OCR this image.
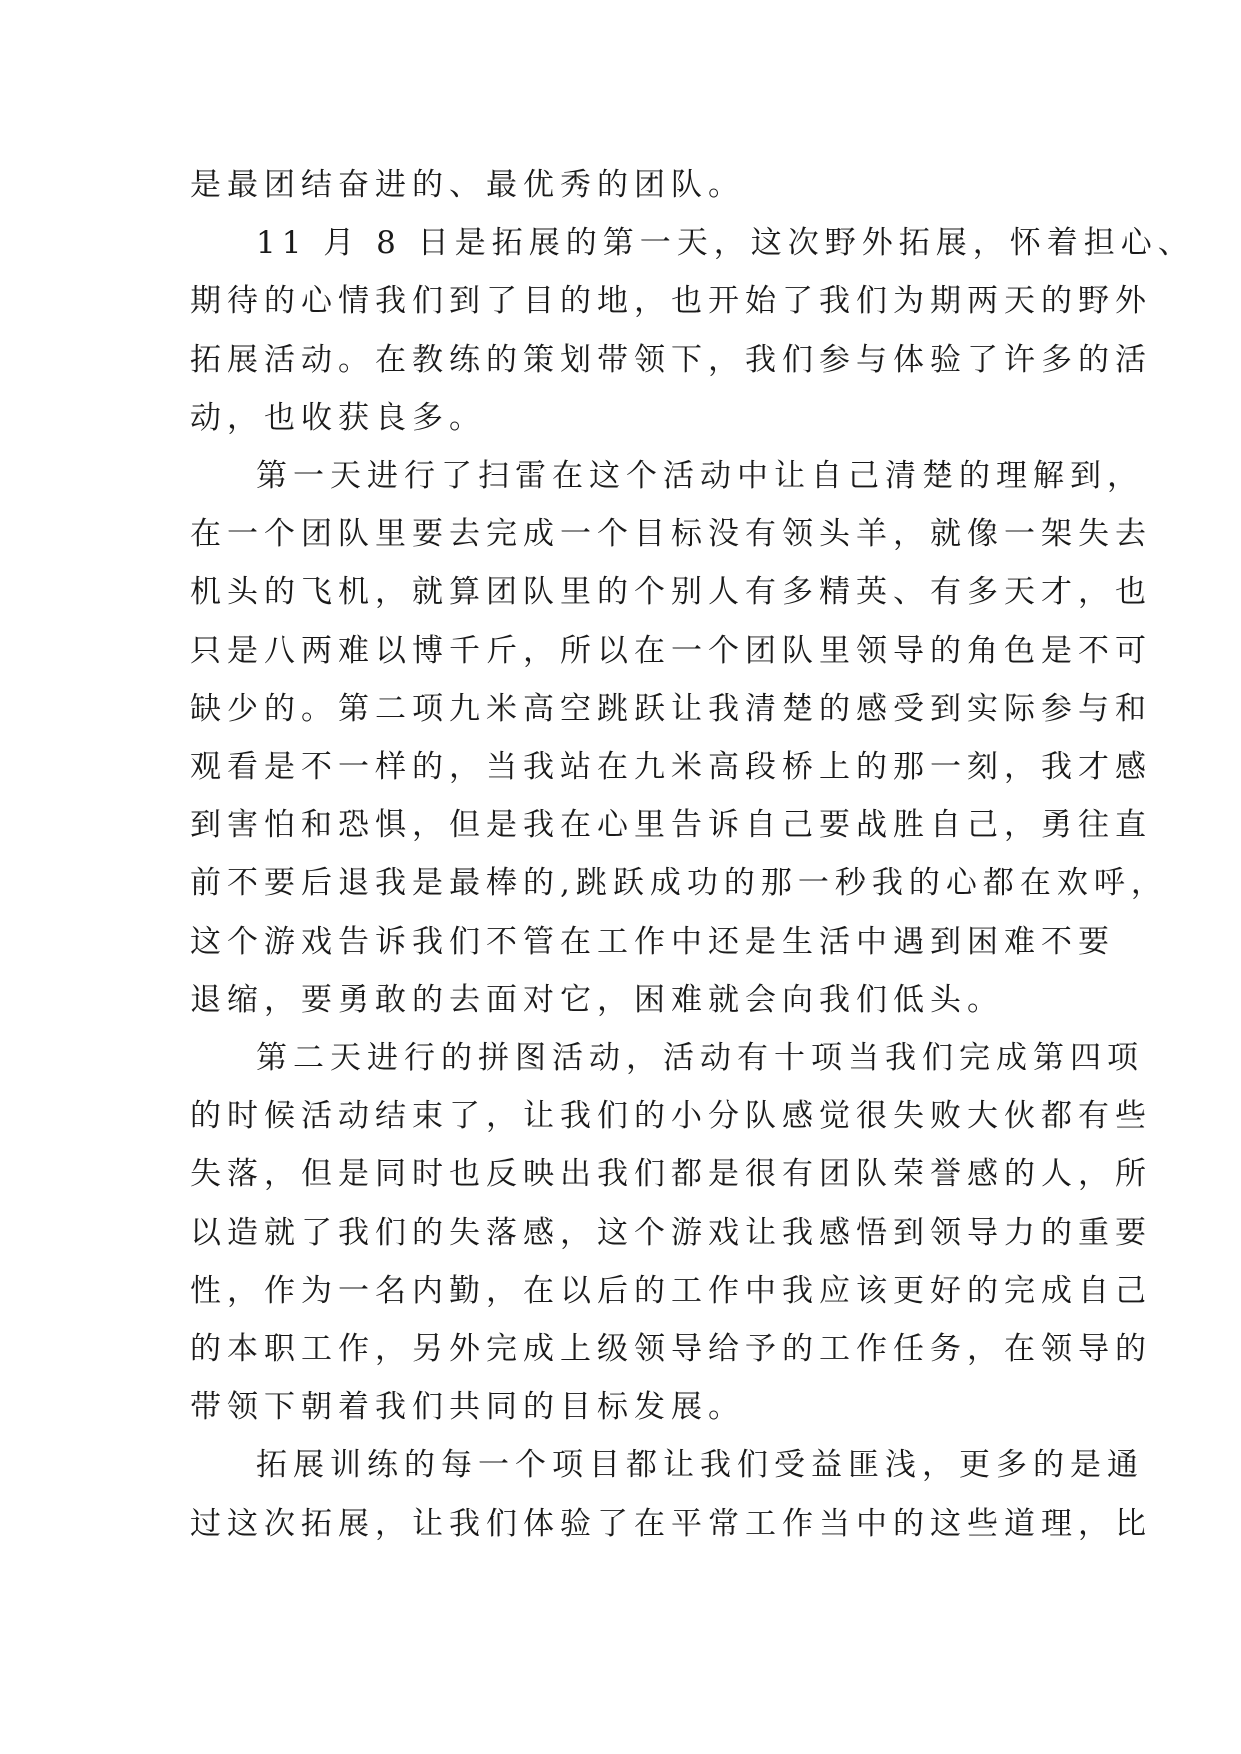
是最团结奋进的、最优秀的团队。
11 月 8 日是拓展的第一天，这次野外拓展，怀着担心、
期待的心情我们到了目的地，也开始了我们为期两天的野外
拓展活动。在教练的策划带领下，我们参与体验了许多的活
动，也收获良多。
第一天进行了扫雷在这个活动中让自己清楚的理解到，
在一个团队里要去完成一个目标没有领头羊，就像一架失去
机头的飞机，就算团队里的个别人有多精英、有多天才，也
只是八两难以博千斤，所以在一个团队里领导的角色是不可
缺少的。第二项九米高空跳跃让我清楚的感受到实际参与和
观看是不一样的，当我站在九米高段桥上的那一刻，我才感
到害怕和恐惧，但是我在心里告诉自己要战胜自己，勇往直
前不要后退我是最棒的,跳跃成功的那一秒我的心都在欢呼，
这个游戏告诉我们不管在工作中还是生活中遇到困难不要
退缩，要勇敢的去面对它，困难就会向我们低头。
第二天进行的拼图活动，活动有十项当我们完成第四项
的时候活动结束了，让我们的小分队感觉很失败大伙都有些
失落，但是同时也反映出我们都是很有团队荣誉感的人，所
以造就了我们的失落感，这个游戏让我感悟到领导力的重要
性，作为一名内勤，在以后的工作中我应该更好的完成自己
的本职工作，另外完成上级领导给予的工作任务，在领导的
带领下朝着我们共同的目标发展。
拓展训练的每一个项目都让我们受益匪浅，更多的是通
过这次拓展，让我们体验了在平常工作当中的这些道理，比
